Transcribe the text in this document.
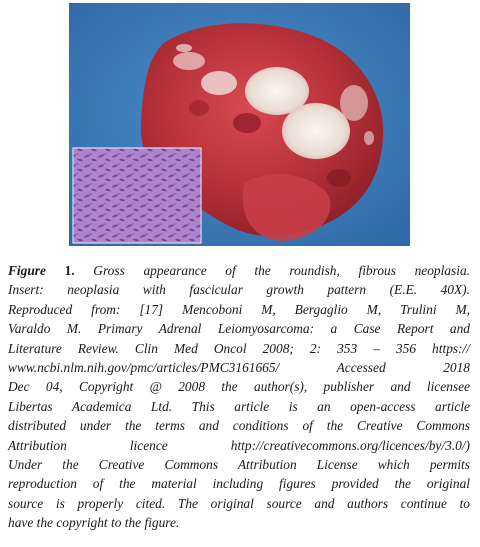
Figure 1. Gross appearance of the roundish, fibrous neoplasia.
Insert: neoplasia with fascicular growth pattern (E.E. 40X).
Reproduced from: [17] Mencoboni M, Bergaglio M, Trulini M,
Varaldo M. Primary Adrenal Leiomyosarcoma: a Case Report and
Literature Review. Clin Med Oncol 2008; 2: 353 – 356 https://
www.ncbi.nlm.nih.gov/pmc/articles/PMC3161665/ Accessed 2018
Dec 04, Copyright @ 2008 the author(s), publisher and licensee
Libertas Academica Ltd. This article is an open-access article
distributed under the terms and conditions of the Creative Commons
Attribution licence http://creativecommons.org/licences/by/3.0/)
Under the Creative Commons Attribution License which permits
reproduction of the material including figures provided the original
source is properly cited. The original source and authors continue to
have the copyright to the figure.
